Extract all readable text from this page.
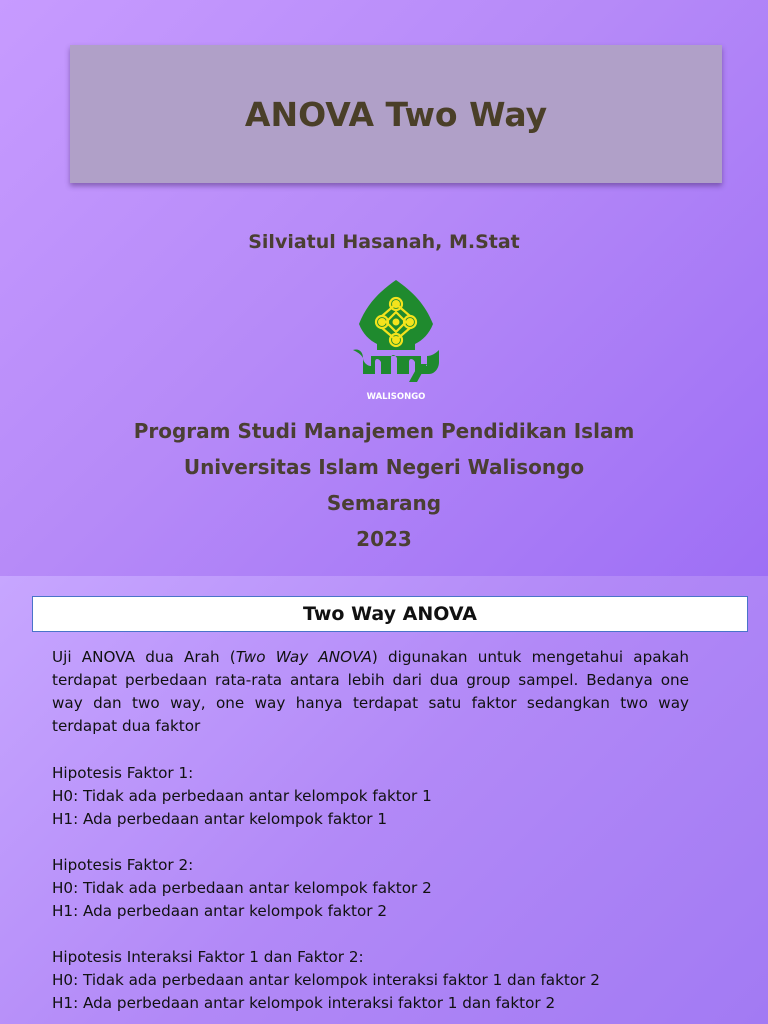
ANOVA Two Way
Silviatul Hasanah, M.Stat
WALISONGO
Program Studi Manajemen Pendidikan Islam
Universitas Islam Negeri Walisongo
Semarang
2023
Two Way ANOVA
Uji ANOVA dua Arah (Two Way ANOVA) digunakan untuk mengetahui apakah terdapat perbedaan rata-rata antara lebih dari dua group sampel. Bedanya one way dan two way, one way hanya terdapat satu faktor sedangkan two way terdapat dua faktor
Hipotesis Faktor 1:
H0: Tidak ada perbedaan antar kelompok faktor 1
H1: Ada perbedaan antar kelompok faktor 1
Hipotesis Faktor 2:
H0: Tidak ada perbedaan antar kelompok faktor 2
H1: Ada perbedaan antar kelompok faktor 2
Hipotesis Interaksi Faktor 1 dan Faktor 2:
H0: Tidak ada perbedaan antar kelompok interaksi faktor 1 dan faktor 2
H1: Ada perbedaan antar kelompok interaksi faktor 1 dan faktor 2
